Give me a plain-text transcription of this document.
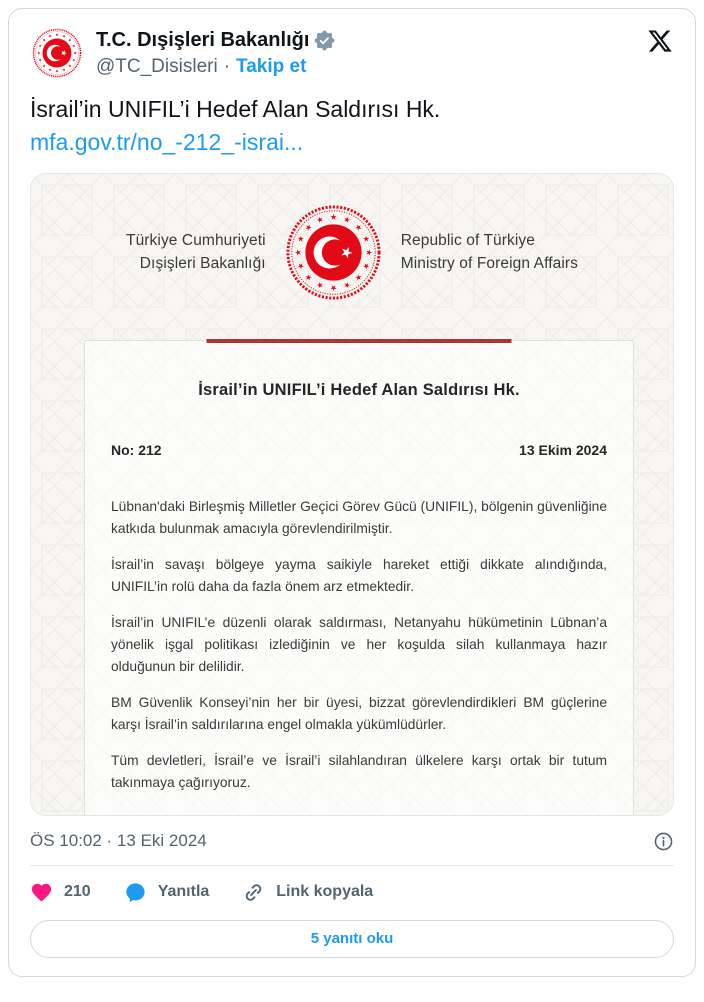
T.C. Dışişleri Bakanlığı
@TC_Disisleri · Takip et
İsrail’in UNIFIL’i Hedef Alan Saldırısı Hk.
mfa.gov.tr/no_-212_-israi...
Türkiye Cumhuriyeti
Dışişleri Bakanlığı
Republic of Türkiye
Ministry of Foreign Affairs
İsrail’in UNIFIL’i Hedef Alan Saldırısı Hk.
No: 212	13 Ekim 2024

Lübnan'daki Birleşmiş Milletler Geçici Görev Gücü (UNIFIL), bölgenin güvenliğine katkıda bulunmak amacıyla görevlendirilmiştir.

İsrail’in savaşı bölgeye yayma saikiyle hareket ettiği dikkate alındığında, UNIFIL’in rolü daha da fazla önem arz etmektedir.

İsrail’in UNIFIL’e düzenli olarak saldırması, Netanyahu hükümetinin Lübnan’a yönelik işgal politikası izlediğinin ve her koşulda silah kullanmaya hazır olduğunun bir delilidir.

BM Güvenlik Konseyi’nin her bir üyesi, bizzat görevlendirdikleri BM güçlerine karşı İsrail’in saldırılarına engel olmakla yükümlüdürler.

Tüm devletleri, İsrail’e ve İsrail’i silahlandıran ülkelere karşı ortak bir tutum takınmaya çağırıyoruz.

ÖS 10:02 · 13 Eki 2024
210	Yanıtla	Link kopyala
5 yanıtı oku
